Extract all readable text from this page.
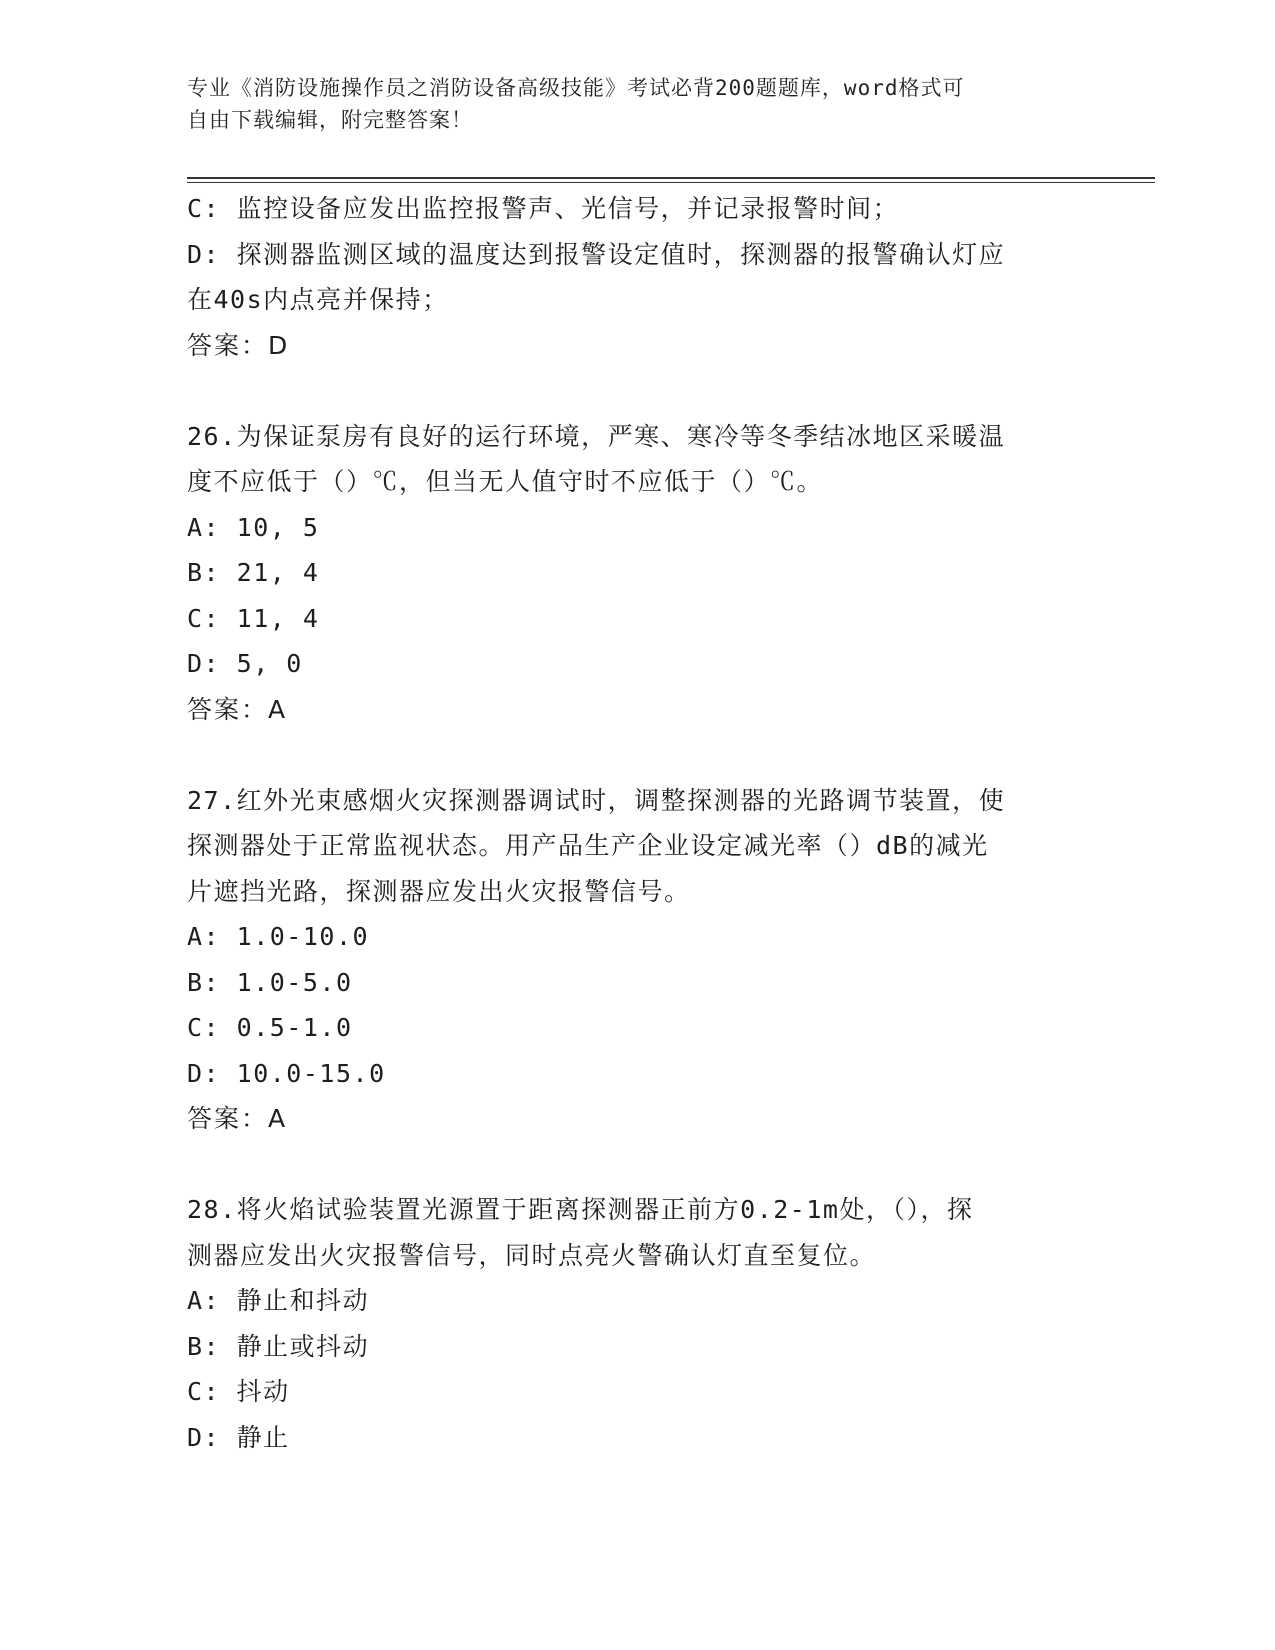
专业《消防设施操作员之消防设备高级技能》考试必背200题题库，word格式可
自由下载编辑，附完整答案！
C: 监控设备应发出监控报警声、光信号，并记录报警时间；
D: 探测器监测区域的温度达到报警设定值时，探测器的报警确认灯应
在40s内点亮并保持；
答案：D
26.为保证泵房有良好的运行环境，严寒、寒冷等冬季结冰地区采暖温
度不应低于（）℃，但当无人值守时不应低于（）℃。
A: 10, 5
B: 21, 4
C: 11, 4
D: 5, 0
答案：A
27.红外光束感烟火灾探测器调试时，调整探测器的光路调节装置，使
探测器处于正常监视状态。用产品生产企业设定减光率（）dB的减光
片遮挡光路，探测器应发出火灾报警信号。
A: 1.0-10.0
B: 1.0-5.0
C: 0.5-1.0
D: 10.0-15.0
答案：A
28.将火焰试验装置光源置于距离探测器正前方0.2-1m处，（），探
测器应发出火灾报警信号，同时点亮火警确认灯直至复位。
A: 静止和抖动
B: 静止或抖动
C: 抖动
D: 静止
